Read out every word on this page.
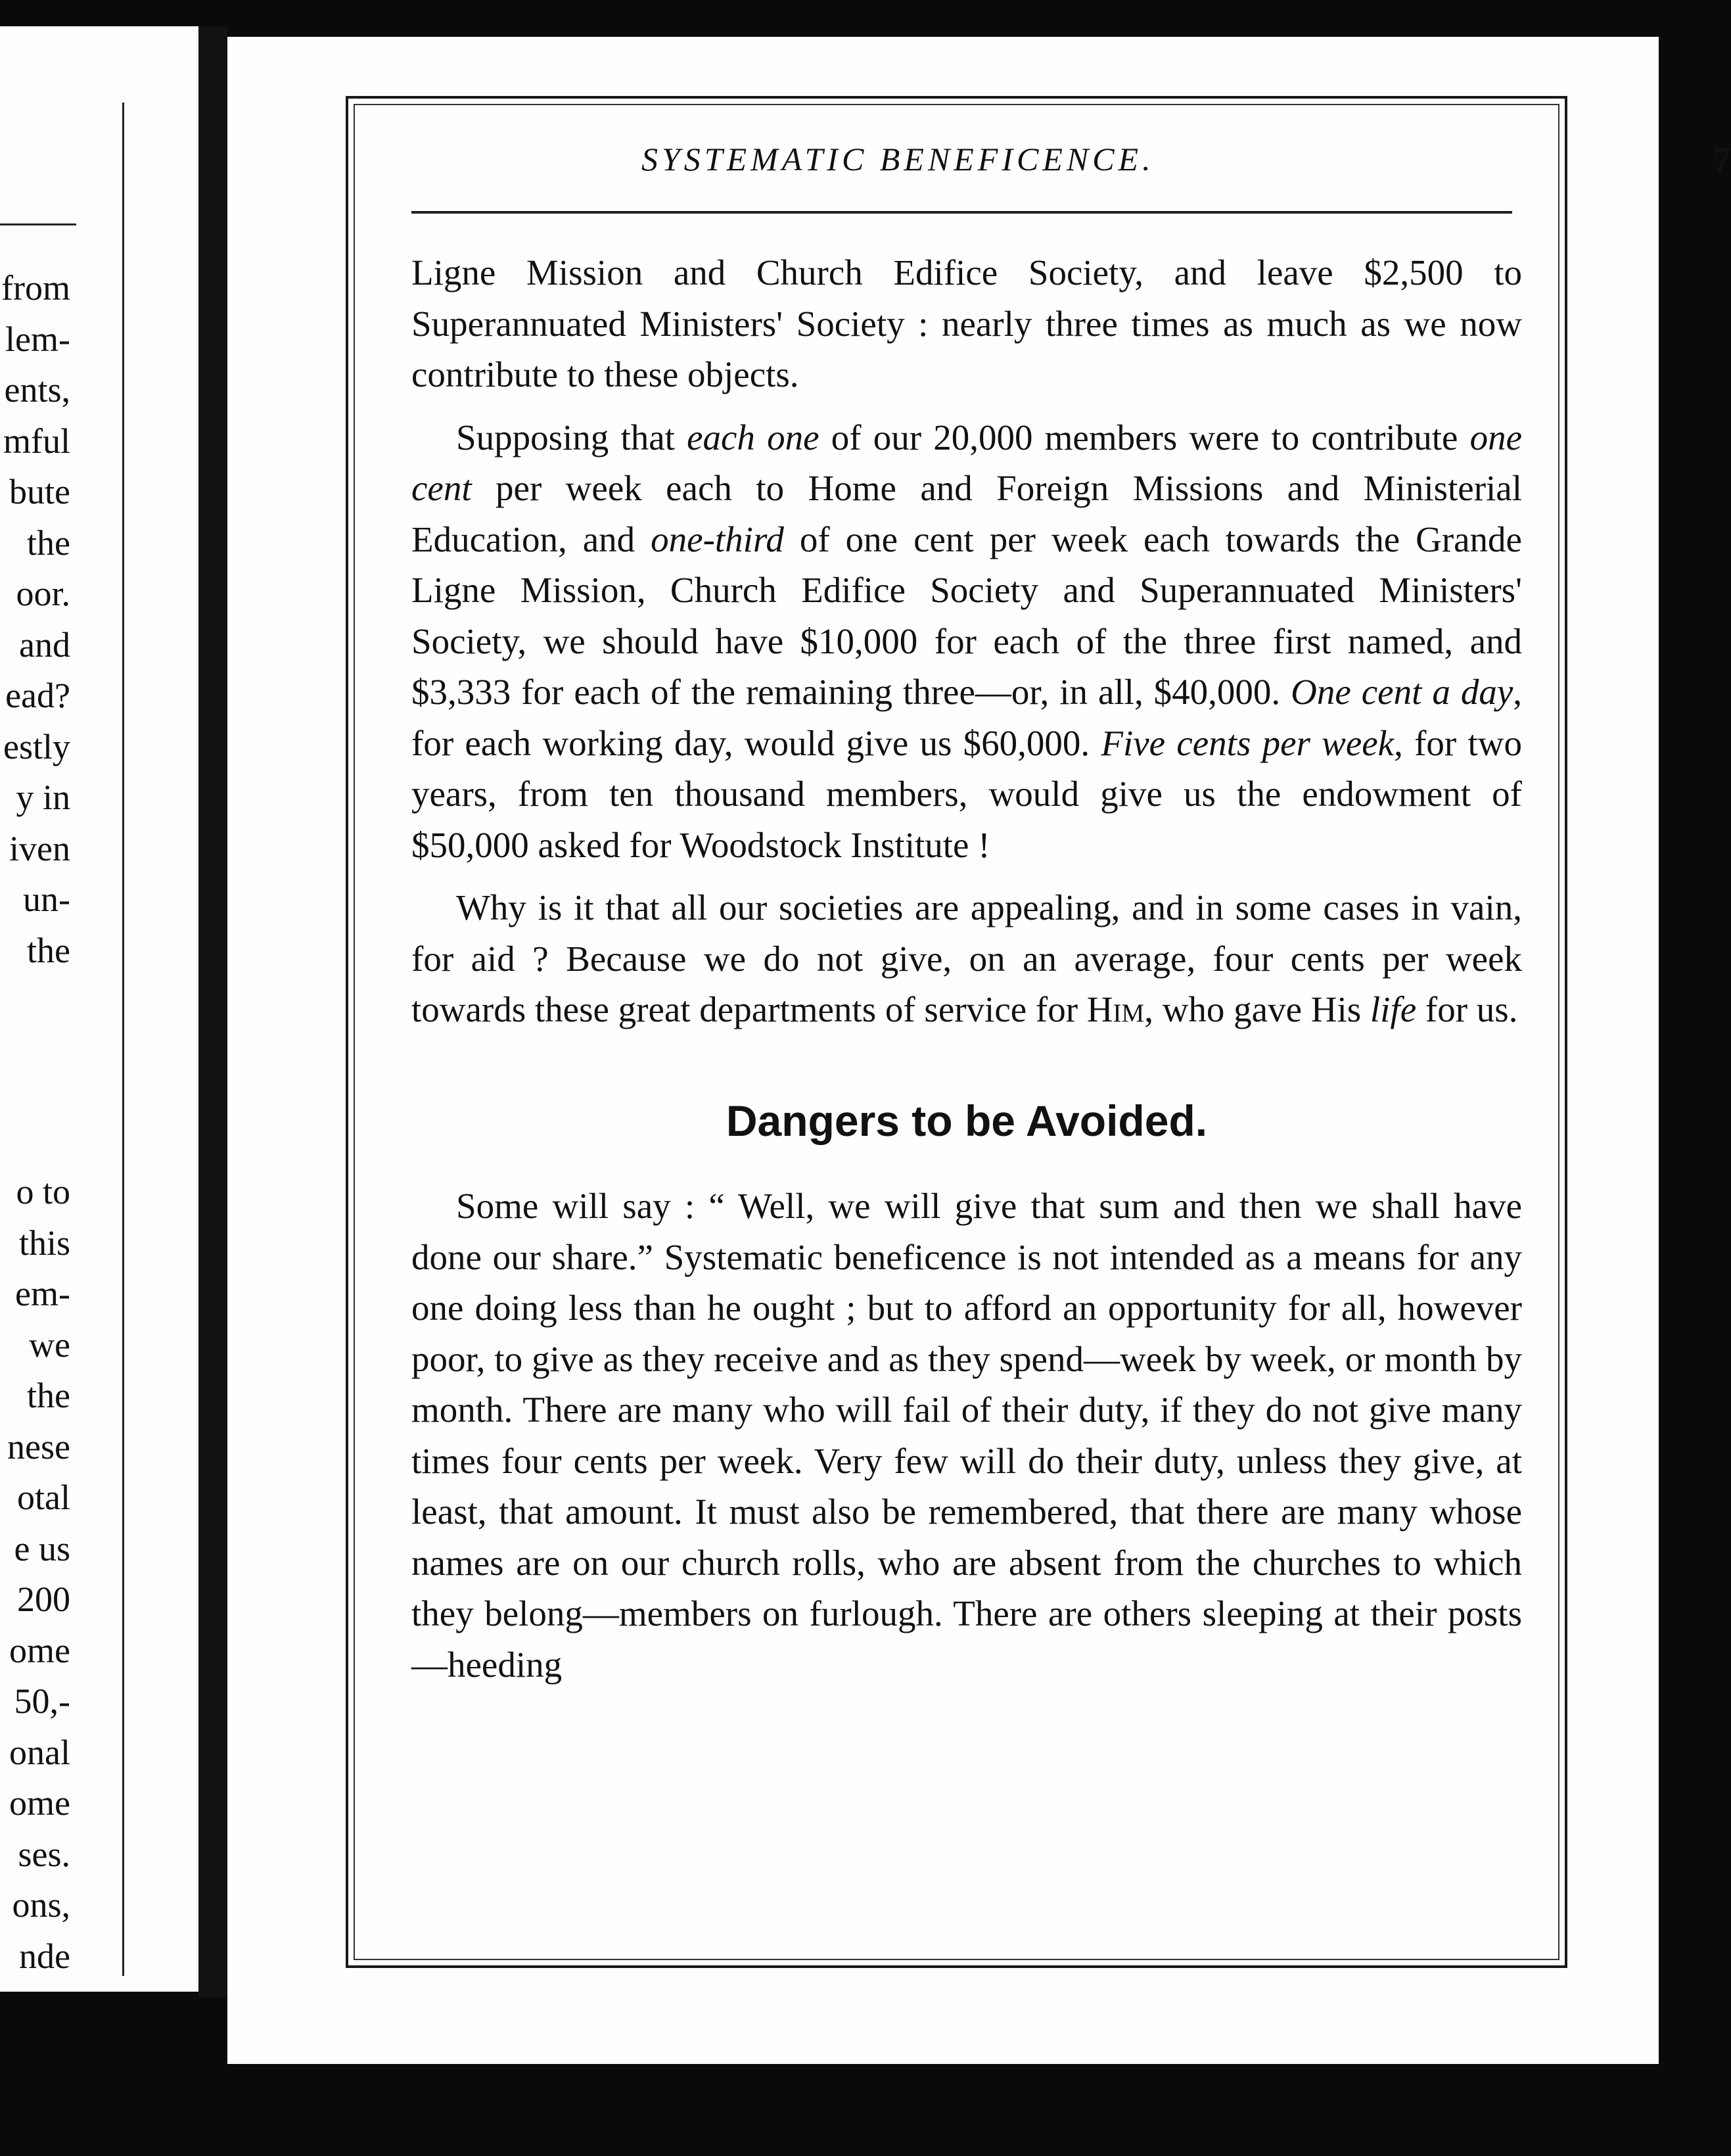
from
lem-
ents,
mful
bute
the
oor.
and
ead?
estly
y in
iven
un-
the
o to
this
em-
we
the
nese
otal
e us
200
ome
50,-
onal
ome
ses.
ons,
nde
SYSTEMATIC BENEFICENCE.	7

Ligne Mission and Church Edifice Society, and leave $2,500 to Superannuated Ministers' Society : nearly three times as much as we now contribute to these objects.

Supposing that each one of our 20,000 members were to contribute one cent per week each to Home and Foreign Missions and Ministerial Education, and one-third of one cent per week each towards the Grande Ligne Mission, Church Edifice Society and Superannuated Ministers' Society, we should have $10,000 for each of the three first named, and $3,333 for each of the remaining three—or, in all, $40,000. One cent a day, for each working day, would give us $60,000. Five cents per week, for two years, from ten thousand members, would give us the endowment of $50,000 asked for Woodstock Institute !

Why is it that all our societies are appealing, and in some cases in vain, for aid ? Because we do not give, on an average, four cents per week towards these great departments of service for Him, who gave His life for us.

Dangers to be Avoided.

Some will say : “ Well, we will give that sum and then we shall have done our share.” Systematic beneficence is not intended as a means for any one doing less than he ought ; but to afford an opportunity for all, however poor, to give as they receive and as they spend—week by week, or month by month. There are many who will fail of their duty, if they do not give many times four cents per week. Very few will do their duty, unless they give, at least, that amount. It must also be remembered, that there are many whose names are on our church rolls, who are absent from the churches to which they belong—members on furlough. There are others sleeping at their posts—heeding
